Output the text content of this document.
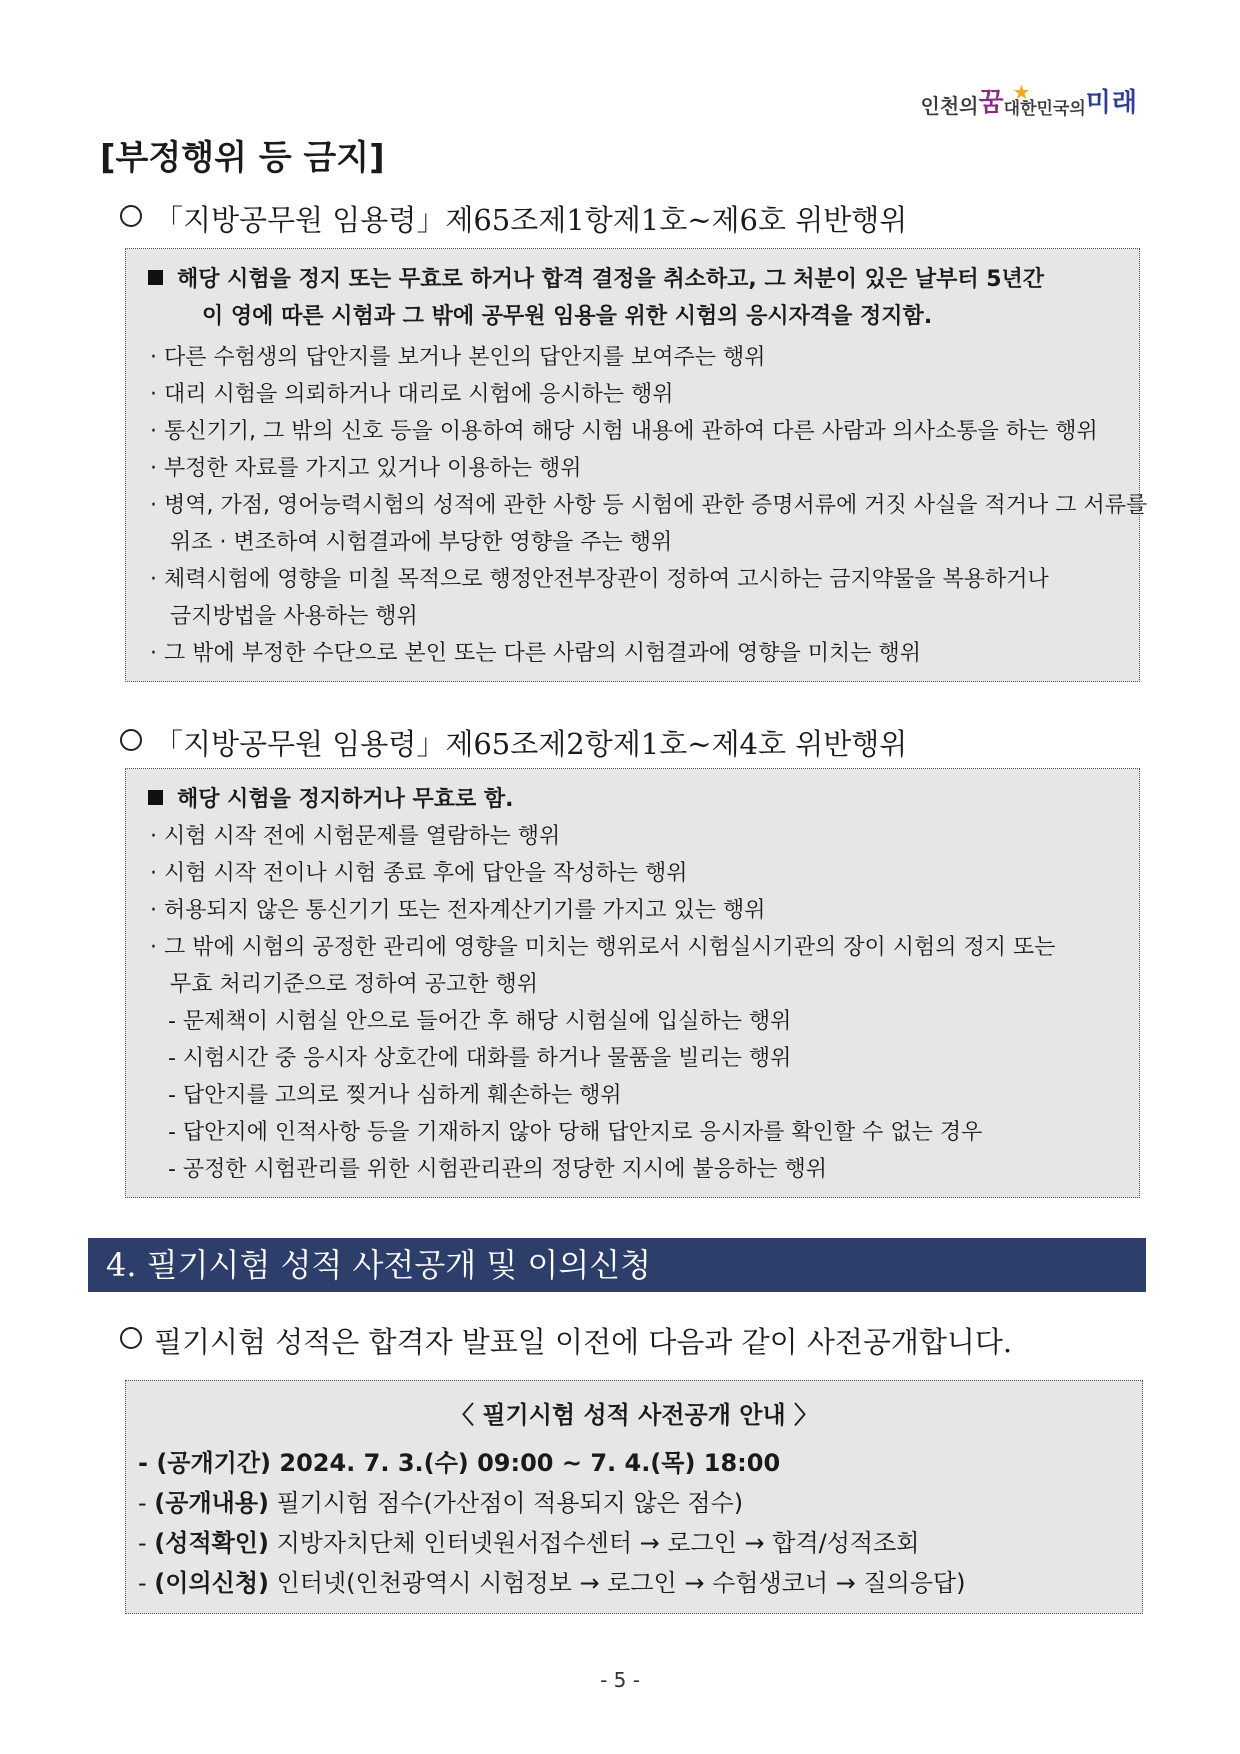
인천의꿈 ★
대한민국의미래
[부정행위 등 금지]
「지방공무원 임용령」제65조제1항제1호~제6호 위반행위
해당 시험을 정지 또는 무효로 하거나 합격 결정을 취소하고, 그 처분이 있은 날부터 5년간
이 영에 따른 시험과 그 밖에 공무원 임용을 위한 시험의 응시자격을 정지함.
· 다른 수험생의 답안지를 보거나 본인의 답안지를 보여주는 행위
· 대리 시험을 의뢰하거나 대리로 시험에 응시하는 행위
· 통신기기, 그 밖의 신호 등을 이용하여 해당 시험 내용에 관하여 다른 사람과 의사소통을 하는 행위
· 부정한 자료를 가지고 있거나 이용하는 행위
· 병역, 가점, 영어능력시험의 성적에 관한 사항 등 시험에 관한 증명서류에 거짓 사실을 적거나 그 서류를
위조 · 변조하여 시험결과에 부당한 영향을 주는 행위
· 체력시험에 영향을 미칠 목적으로 행정안전부장관이 정하여 고시하는 금지약물을 복용하거나
금지방법을 사용하는 행위
· 그 밖에 부정한 수단으로 본인 또는 다른 사람의 시험결과에 영향을 미치는 행위
「지방공무원 임용령」제65조제2항제1호~제4호 위반행위
해당 시험을 정지하거나 무효로 함.
· 시험 시작 전에 시험문제를 열람하는 행위
· 시험 시작 전이나 시험 종료 후에 답안을 작성하는 행위
· 허용되지 않은 통신기기 또는 전자계산기기를 가지고 있는 행위
· 그 밖에 시험의 공정한 관리에 영향을 미치는 행위로서 시험실시기관의 장이 시험의 정지 또는
무효 처리기준으로 정하여 공고한 행위
- 문제책이 시험실 안으로 들어간 후 해당 시험실에 입실하는 행위
- 시험시간 중 응시자 상호간에 대화를 하거나 물품을 빌리는 행위
- 답안지를 고의로 찢거나 심하게 훼손하는 행위
- 답안지에 인적사항 등을 기재하지 않아 당해 답안지로 응시자를 확인할 수 없는 경우
- 공정한 시험관리를 위한 시험관리관의 정당한 지시에 불응하는 행위
4. 필기시험 성적 사전공개 및 이의신청
필기시험 성적은 합격자 발표일 이전에 다음과 같이 사전공개합니다.
〈 필기시험 성적 사전공개 안내 〉
- (공개기간) 2024. 7. 3.(수) 09:00 ~ 7. 4.(목) 18:00
- (공개내용) 필기시험 점수(가산점이 적용되지 않은 점수)
- (성적확인) 지방자치단체 인터넷원서접수센터 → 로그인 → 합격/성적조회
- (이의신청) 인터넷(인천광역시 시험정보 → 로그인 → 수험생코너 → 질의응답)
- 5 -
